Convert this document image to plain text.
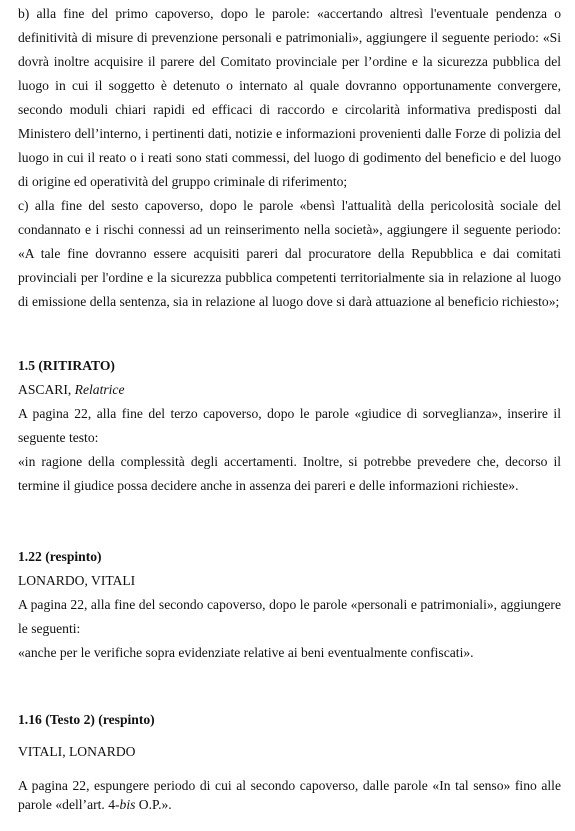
b) alla fine del primo capoverso, dopo le parole: «accertando altresì l'eventuale pendenza o definitività di misure di prevenzione personali e patrimoniali», aggiungere il seguente periodo: «Si dovrà inoltre acquisire il parere del Comitato provinciale per l’ordine e la sicurezza pubblica del luogo in cui il soggetto è detenuto o internato al quale dovranno opportunamente convergere, secondo moduli chiari rapidi ed efficaci di raccordo e circolarità informativa predisposti dal Ministero dell’interno, i pertinenti dati, notizie e informazioni provenienti dalle Forze di polizia del luogo in cui il reato o i reati sono stati commessi, del luogo di godimento del beneficio e del luogo di origine ed operatività del gruppo criminale di riferimento;

c) alla fine del sesto capoverso, dopo le parole «bensì l'attualità della pericolosità sociale del condannato e i rischi connessi ad un reinserimento nella società», aggiungere il seguente periodo: «A tale fine dovranno essere acquisiti pareri dal procuratore della Repubblica e dai comitati provinciali per l'ordine e la sicurezza pubblica competenti territorialmente sia in relazione al luogo di emissione della sentenza, sia in relazione al luogo dove si darà attuazione al beneficio richiesto»;

1.5 (RITIRATO)

ASCARI, Relatrice

A pagina 22, alla fine del terzo capoverso, dopo le parole «giudice di sorveglianza», inserire il seguente testo:

«in ragione della complessità degli accertamenti. Inoltre, si potrebbe prevedere che, decorso il termine il giudice possa decidere anche in assenza dei pareri e delle informazioni richieste».

1.22 (respinto)

LONARDO, VITALI

A pagina 22, alla fine del secondo capoverso, dopo le parole «personali e patrimoniali», aggiungere le seguenti:

«anche per le verifiche sopra evidenziate relative ai beni eventualmente confiscati».

1.16 (Testo 2) (respinto)

VITALI, LONARDO

A pagina 22, espungere periodo di cui al secondo capoverso, dalle parole «In tal senso» fino alle parole «dell’art. 4-bis O.P.».
